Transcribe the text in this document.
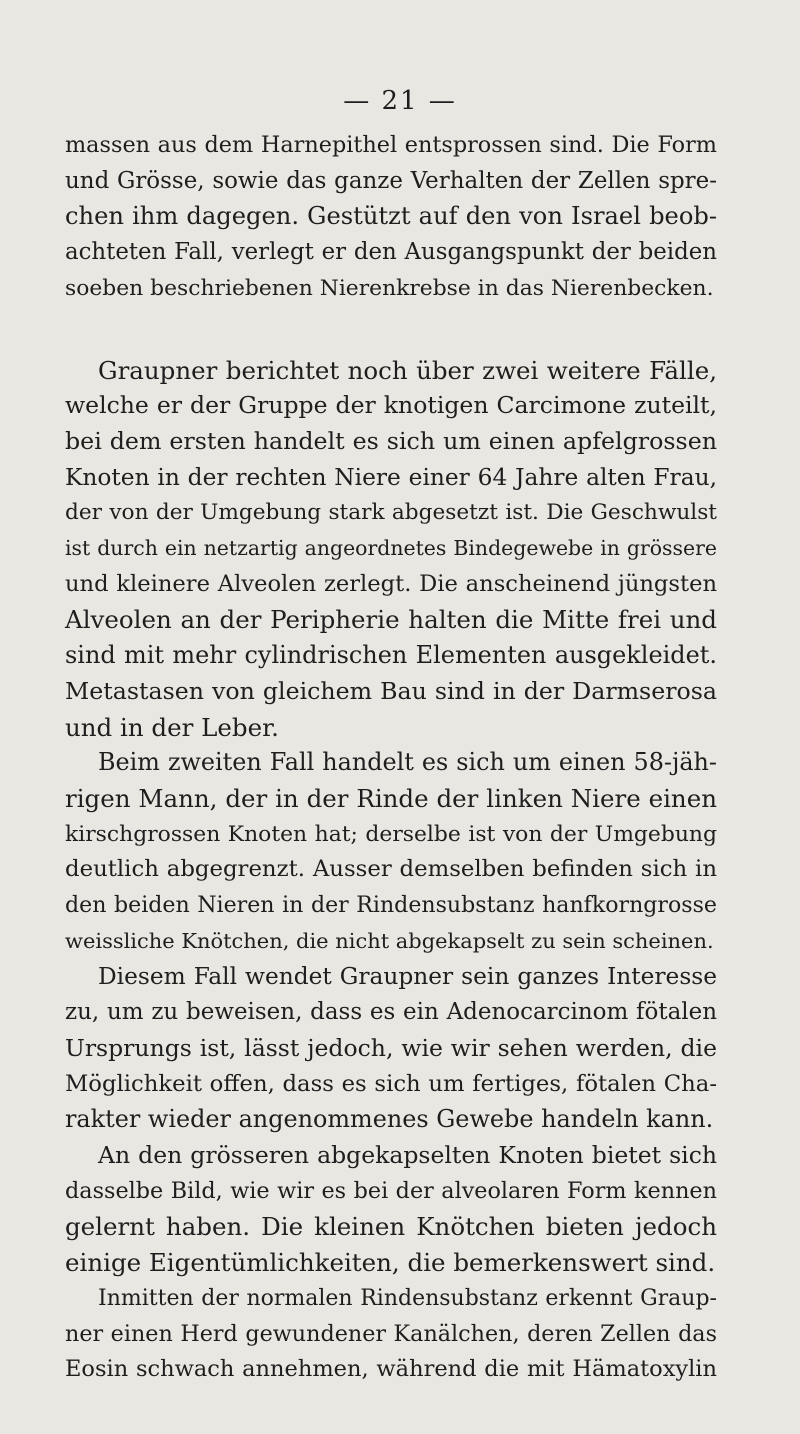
— 21 —
massen aus dem Harnepithel entsprossen sind. Die Form
und Grösse, sowie das ganze Verhalten der Zellen spre-
chen ihm dagegen. Gestützt auf den von Israel beob-
achteten Fall, verlegt er den Ausgangspunkt der beiden
soeben beschriebenen Nierenkrebse in das Nierenbecken.
Graupner berichtet noch über zwei weitere Fälle,
welche er der Gruppe der knotigen Carcimone zuteilt,
bei dem ersten handelt es sich um einen apfelgrossen
Knoten in der rechten Niere einer 64 Jahre alten Frau,
der von der Umgebung stark abgesetzt ist. Die Geschwulst
ist durch ein netzartig angeordnetes Bindegewebe in grössere
und kleinere Alveolen zerlegt. Die anscheinend jüngsten
Alveolen an der Peripherie halten die Mitte frei und
sind mit mehr cylindrischen Elementen ausgekleidet.
Metastasen von gleichem Bau sind in der Darmserosa
und in der Leber.
Beim zweiten Fall handelt es sich um einen 58-jäh-
rigen Mann, der in der Rinde der linken Niere einen
kirschgrossen Knoten hat; derselbe ist von der Umgebung
deutlich abgegrenzt. Ausser demselben befinden sich in
den beiden Nieren in der Rindensubstanz hanfkorngrosse
weissliche Knötchen, die nicht abgekapselt zu sein scheinen.
Diesem Fall wendet Graupner sein ganzes Interesse
zu, um zu beweisen, dass es ein Adenocarcinom fötalen
Ursprungs ist, lässt jedoch, wie wir sehen werden, die
Möglichkeit offen, dass es sich um fertiges, fötalen Cha-
rakter wieder angenommenes Gewebe handeln kann.
An den grösseren abgekapselten Knoten bietet sich
dasselbe Bild, wie wir es bei der alveolaren Form kennen
gelernt haben. Die kleinen Knötchen bieten jedoch
einige Eigentümlichkeiten, die bemerkenswert sind.
Inmitten der normalen Rindensubstanz erkennt Graup-
ner einen Herd gewundener Kanälchen, deren Zellen das
Eosin schwach annehmen, während die mit Hämatoxylin
